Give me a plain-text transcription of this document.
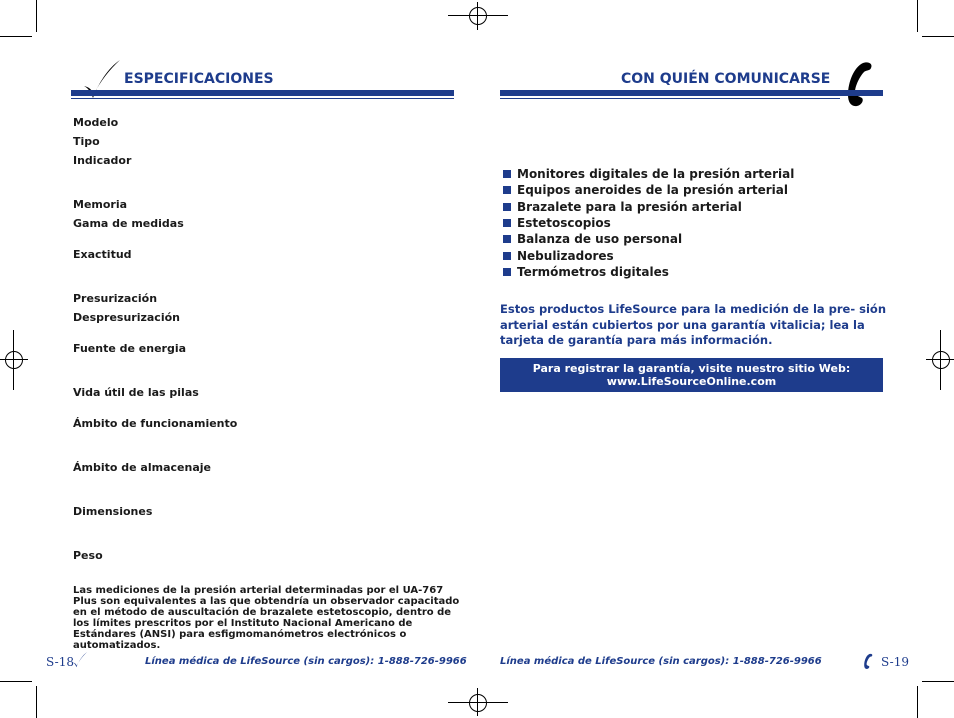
ESPECIFICACIONES
Modelo
Tipo
Indicador
Memoria
Gama de medidas
Exactitud
Presurización
Despresurización
Fuente de energia
Vida útil de las pilas
Ámbito de funcionamiento
Ámbito de almacenaje
Dimensiones
Peso
Las mediciones de la presión arterial determinadas por el UA-767 Plus son equivalentes a las que obtendría un observador capacitado en el método de auscultación de brazalete estetoscopio, dentro de los límites prescritos por el Instituto Nacional Americano de Estándares (ANSI) para esfigmomanómetros electrónicos o automatizados.
S-18	Línea médica de LifeSource (sin cargos): 1-888-726-9966
CON QUIÉN COMUNICARSE
Monitores digitales de la presión arterial
Equipos aneroides de la presión arterial
Brazalete para la presión arterial
Estetoscopios
Balanza de uso personal
Nebulizadores
Termómetros digitales
Estos productos LifeSource para la medición de la pre- sión arterial están cubiertos por una garantía vitalicia; lea la tarjeta de garantía para más información.
Para registrar la garantía, visite nuestro sitio Web:
www.LifeSourceOnline.com
Línea médica de LifeSource (sin cargos): 1-888-726-9966	S-19
